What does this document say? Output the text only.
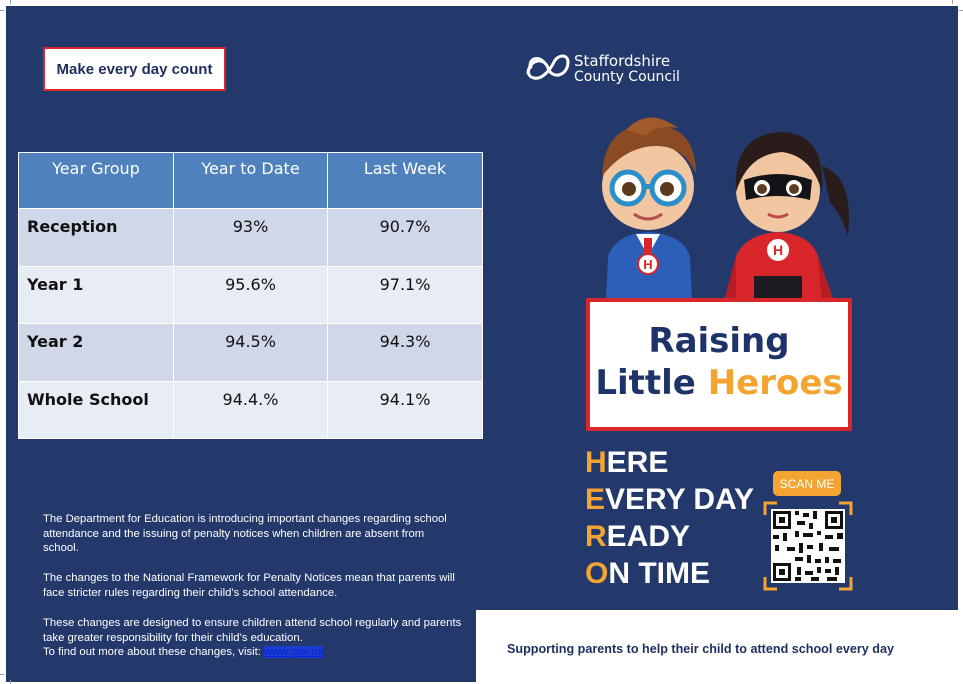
Make every day count
Year Group	Year to Date	Last Week
Reception	93%	90.7%
Year 1	95.6%	97.1%
Year 2	94.5%	94.3%
Whole School	94.4.%	94.1%

The Department for Education is introducing important changes regarding school attendance and the issuing of penalty notices when children are absent from school.

The changes to the National Framework for Penalty Notices mean that parents will face stricter rules regarding their child’s school attendance.

These changes are designed to ensure children attend school regularly and parents take greater responsibility for their child’s education.
To find out more about these changes, visit: www.gov.uk

Staffordshire
County Council
H
H
Raising
Little Heroes
HERE
EVERY DAY
READY
ON TIME
SCAN ME
Supporting parents to help their child to attend school every day
